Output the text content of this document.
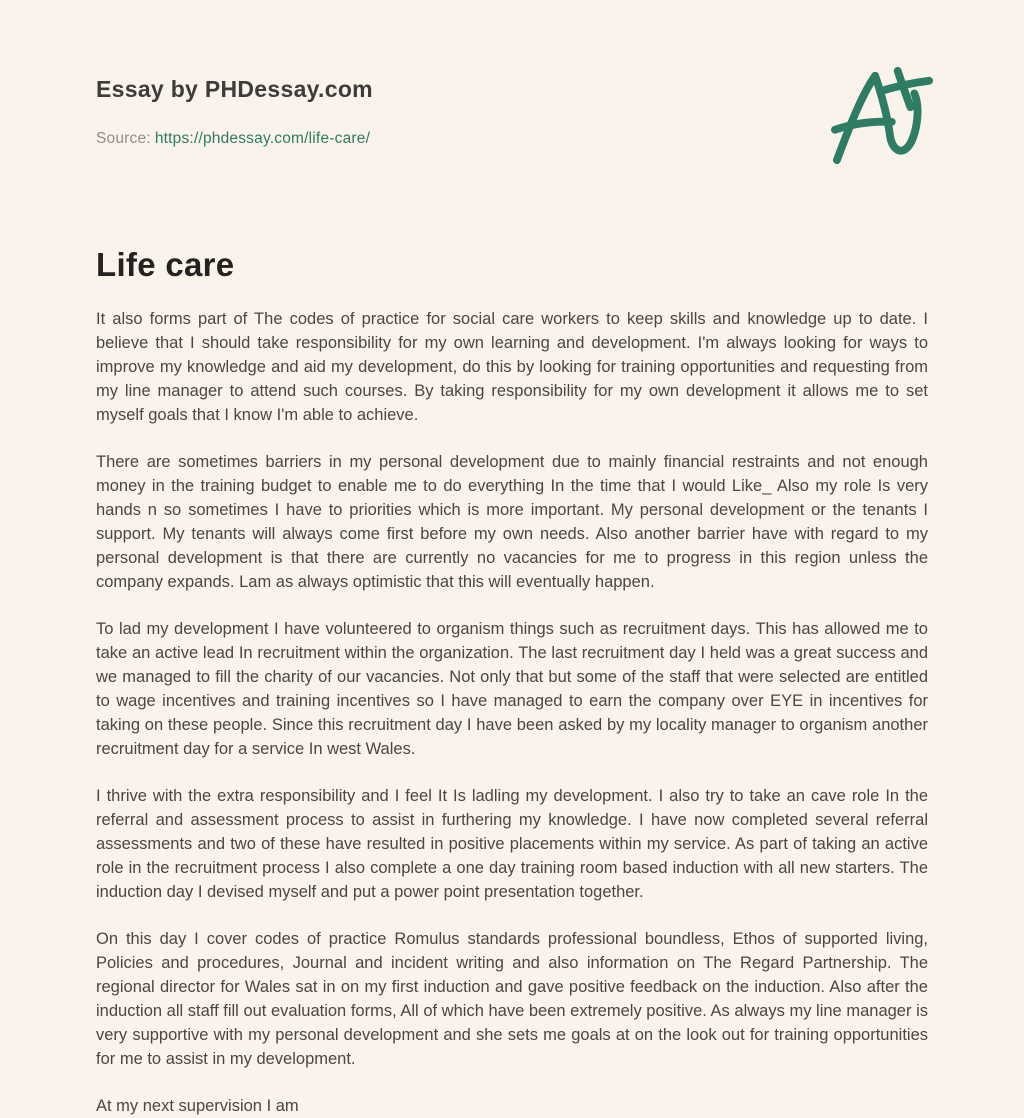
Essay by PHDessay.com
Source: https://phdessay.com/life-care/
Life care

It also forms part of The codes of practice for social care workers to keep skills and knowledge up to date. I believe that I should take responsibility for my own learning and development. I'm always looking for ways to improve my knowledge and aid my development, do this by looking for training opportunities and requesting from my line manager to attend such courses. By taking responsibility for my own development it allows me to set myself goals that I know I'm able to achieve.

There are sometimes barriers in my personal development due to mainly financial restraints and not enough money in the training budget to enable me to do everything In the time that I would Like_ Also my role Is very hands n so sometimes I have to priorities which is more important. My personal development or the tenants I support. My tenants will always come first before my own needs. Also another barrier have with regard to my personal development is that there are currently no vacancies for me to progress in this region unless the company expands. Lam as always optimistic that this will eventually happen.

To lad my development I have volunteered to organism things such as recruitment days. This has allowed me to take an active lead In recruitment within the organization. The last recruitment day I held was a great success and we managed to fill the charity of our vacancies. Not only that but some of the staff that were selected are entitled to wage incentives and training incentives so I have managed to earn the company over EYE in incentives for taking on these people. Since this recruitment day I have been asked by my locality manager to organism another recruitment day for a service In west Wales.

I thrive with the extra responsibility and I feel It Is ladling my development. I also try to take an cave role In the referral and assessment process to assist in furthering my knowledge. I have now completed several referral assessments and two of these have resulted in positive placements within my service. As part of taking an active role in the recruitment process I also complete a one day training room based induction with all new starters. The induction day I devised myself and put a power point presentation together.

On this day I cover codes of practice Romulus standards professional boundless, Ethos of supported living, Policies and procedures, Journal and incident writing and also information on The Regard Partnership. The regional director for Wales sat in on my first induction and gave positive feedback on the induction. Also after the induction all staff fill out evaluation forms, All of which have been extremely positive. As always my line manager is very supportive with my personal development and she sets me goals at on the look out for training opportunities for me to assist in my development.

At my next supervision I am
